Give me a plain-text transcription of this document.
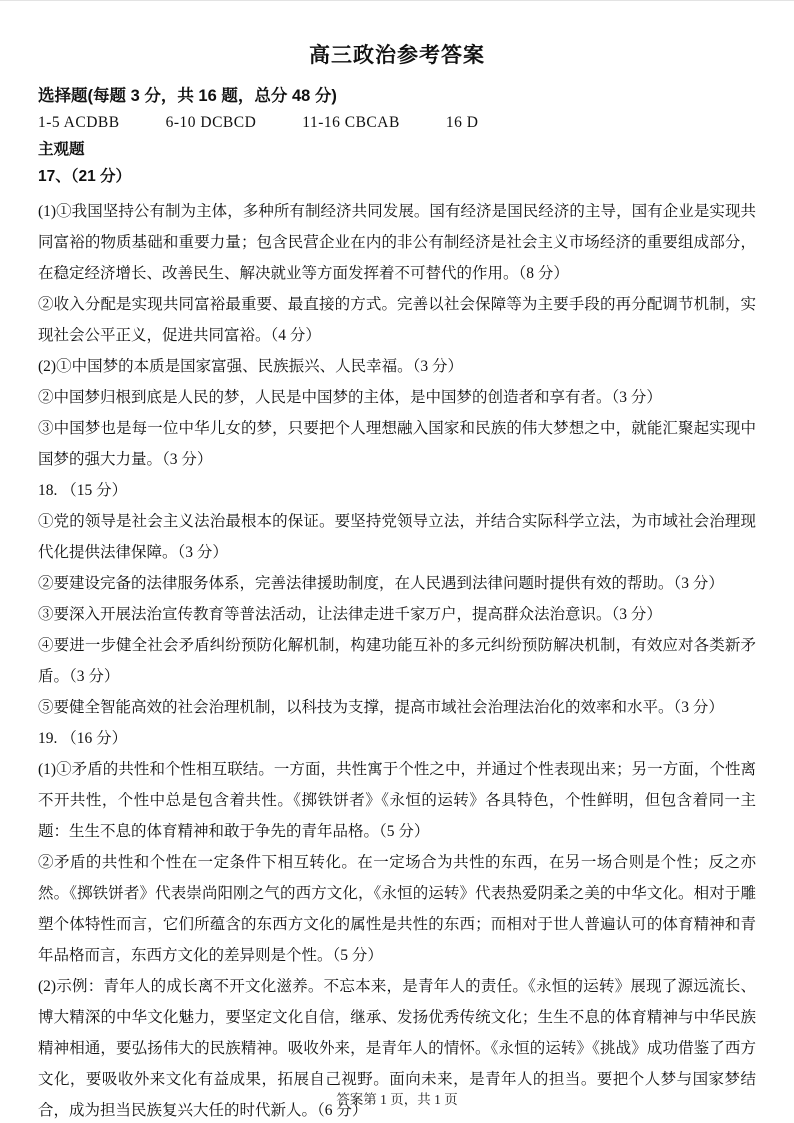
高三政治参考答案
选择题(每题 3 分，共 16 题，总分 48 分)
1-5 ACDBB	6-10 DCBCD	11-16 CBCAB	16 D
主观题
17、（21 分）

(1)①我国坚持公有制为主体，多种所有制经济共同发展。国有经济是国民经济的主导，国有企业是实现共同富裕的物质基础和重要力量；包含民营企业在内的非公有制经济是社会主义市场经济的重要组成部分，在稳定经济增长、改善民生、解决就业等方面发挥着不可替代的作用。（8 分）

②收入分配是实现共同富裕最重要、最直接的方式。完善以社会保障等为主要手段的再分配调节机制，实现社会公平正义，促进共同富裕。（4 分）

(2)①中国梦的本质是国家富强、民族振兴、人民幸福。（3 分）

②中国梦归根到底是人民的梦，人民是中国梦的主体，是中国梦的创造者和享有者。（3 分）

③中国梦也是每一位中华儿女的梦，只要把个人理想融入国家和民族的伟大梦想之中，就能汇聚起实现中国梦的强大力量。（3 分）

18. （15 分）

①党的领导是社会主义法治最根本的保证。要坚持党领导立法，并结合实际科学立法，为市域社会治理现代化提供法律保障。（3 分）

②要建设完备的法律服务体系，完善法律援助制度，在人民遇到法律问题时提供有效的帮助。（3 分）

③要深入开展法治宣传教育等普法活动，让法律走进千家万户，提高群众法治意识。（3 分）

④要进一步健全社会矛盾纠纷预防化解机制，构建功能互补的多元纠纷预防解决机制，有效应对各类新矛盾。（3 分）

⑤要健全智能高效的社会治理机制，以科技为支撑，提高市域社会治理法治化的效率和水平。（3 分）

19. （16 分）

(1)①矛盾的共性和个性相互联结。一方面，共性寓于个性之中，并通过个性表现出来；另一方面，个性离不开共性，个性中总是包含着共性。《掷铁饼者》《永恒的运转》各具特色，个性鲜明，但包含着同一主题：生生不息的体育精神和敢于争先的青年品格。（5 分）

②矛盾的共性和个性在一定条件下相互转化。在一定场合为共性的东西，在另一场合则是个性；反之亦然。《掷铁饼者》代表崇尚阳刚之气的西方文化，《永恒的运转》代表热爱阴柔之美的中华文化。相对于雕塑个体特性而言，它们所蕴含的东西方文化的属性是共性的东西；而相对于世人普遍认可的体育精神和青年品格而言，东西方文化的差异则是个性。（5 分）

(2)示例：青年人的成长离不开文化滋养。不忘本来，是青年人的责任。《永恒的运转》展现了源远流长、博大精深的中华文化魅力，要坚定文化自信，继承、发扬优秀传统文化；生生不息的体育精神与中华民族精神相通，要弘扬伟大的民族精神。吸收外来，是青年人的情怀。《永恒的运转》《挑战》成功借鉴了西方文化，要吸收外来文化有益成果，拓展自己视野。面向未来，是青年人的担当。要把个人梦与国家梦结合，成为担当民族复兴大任的时代新人。（6 分）

答案第 1 页，共 1 页
